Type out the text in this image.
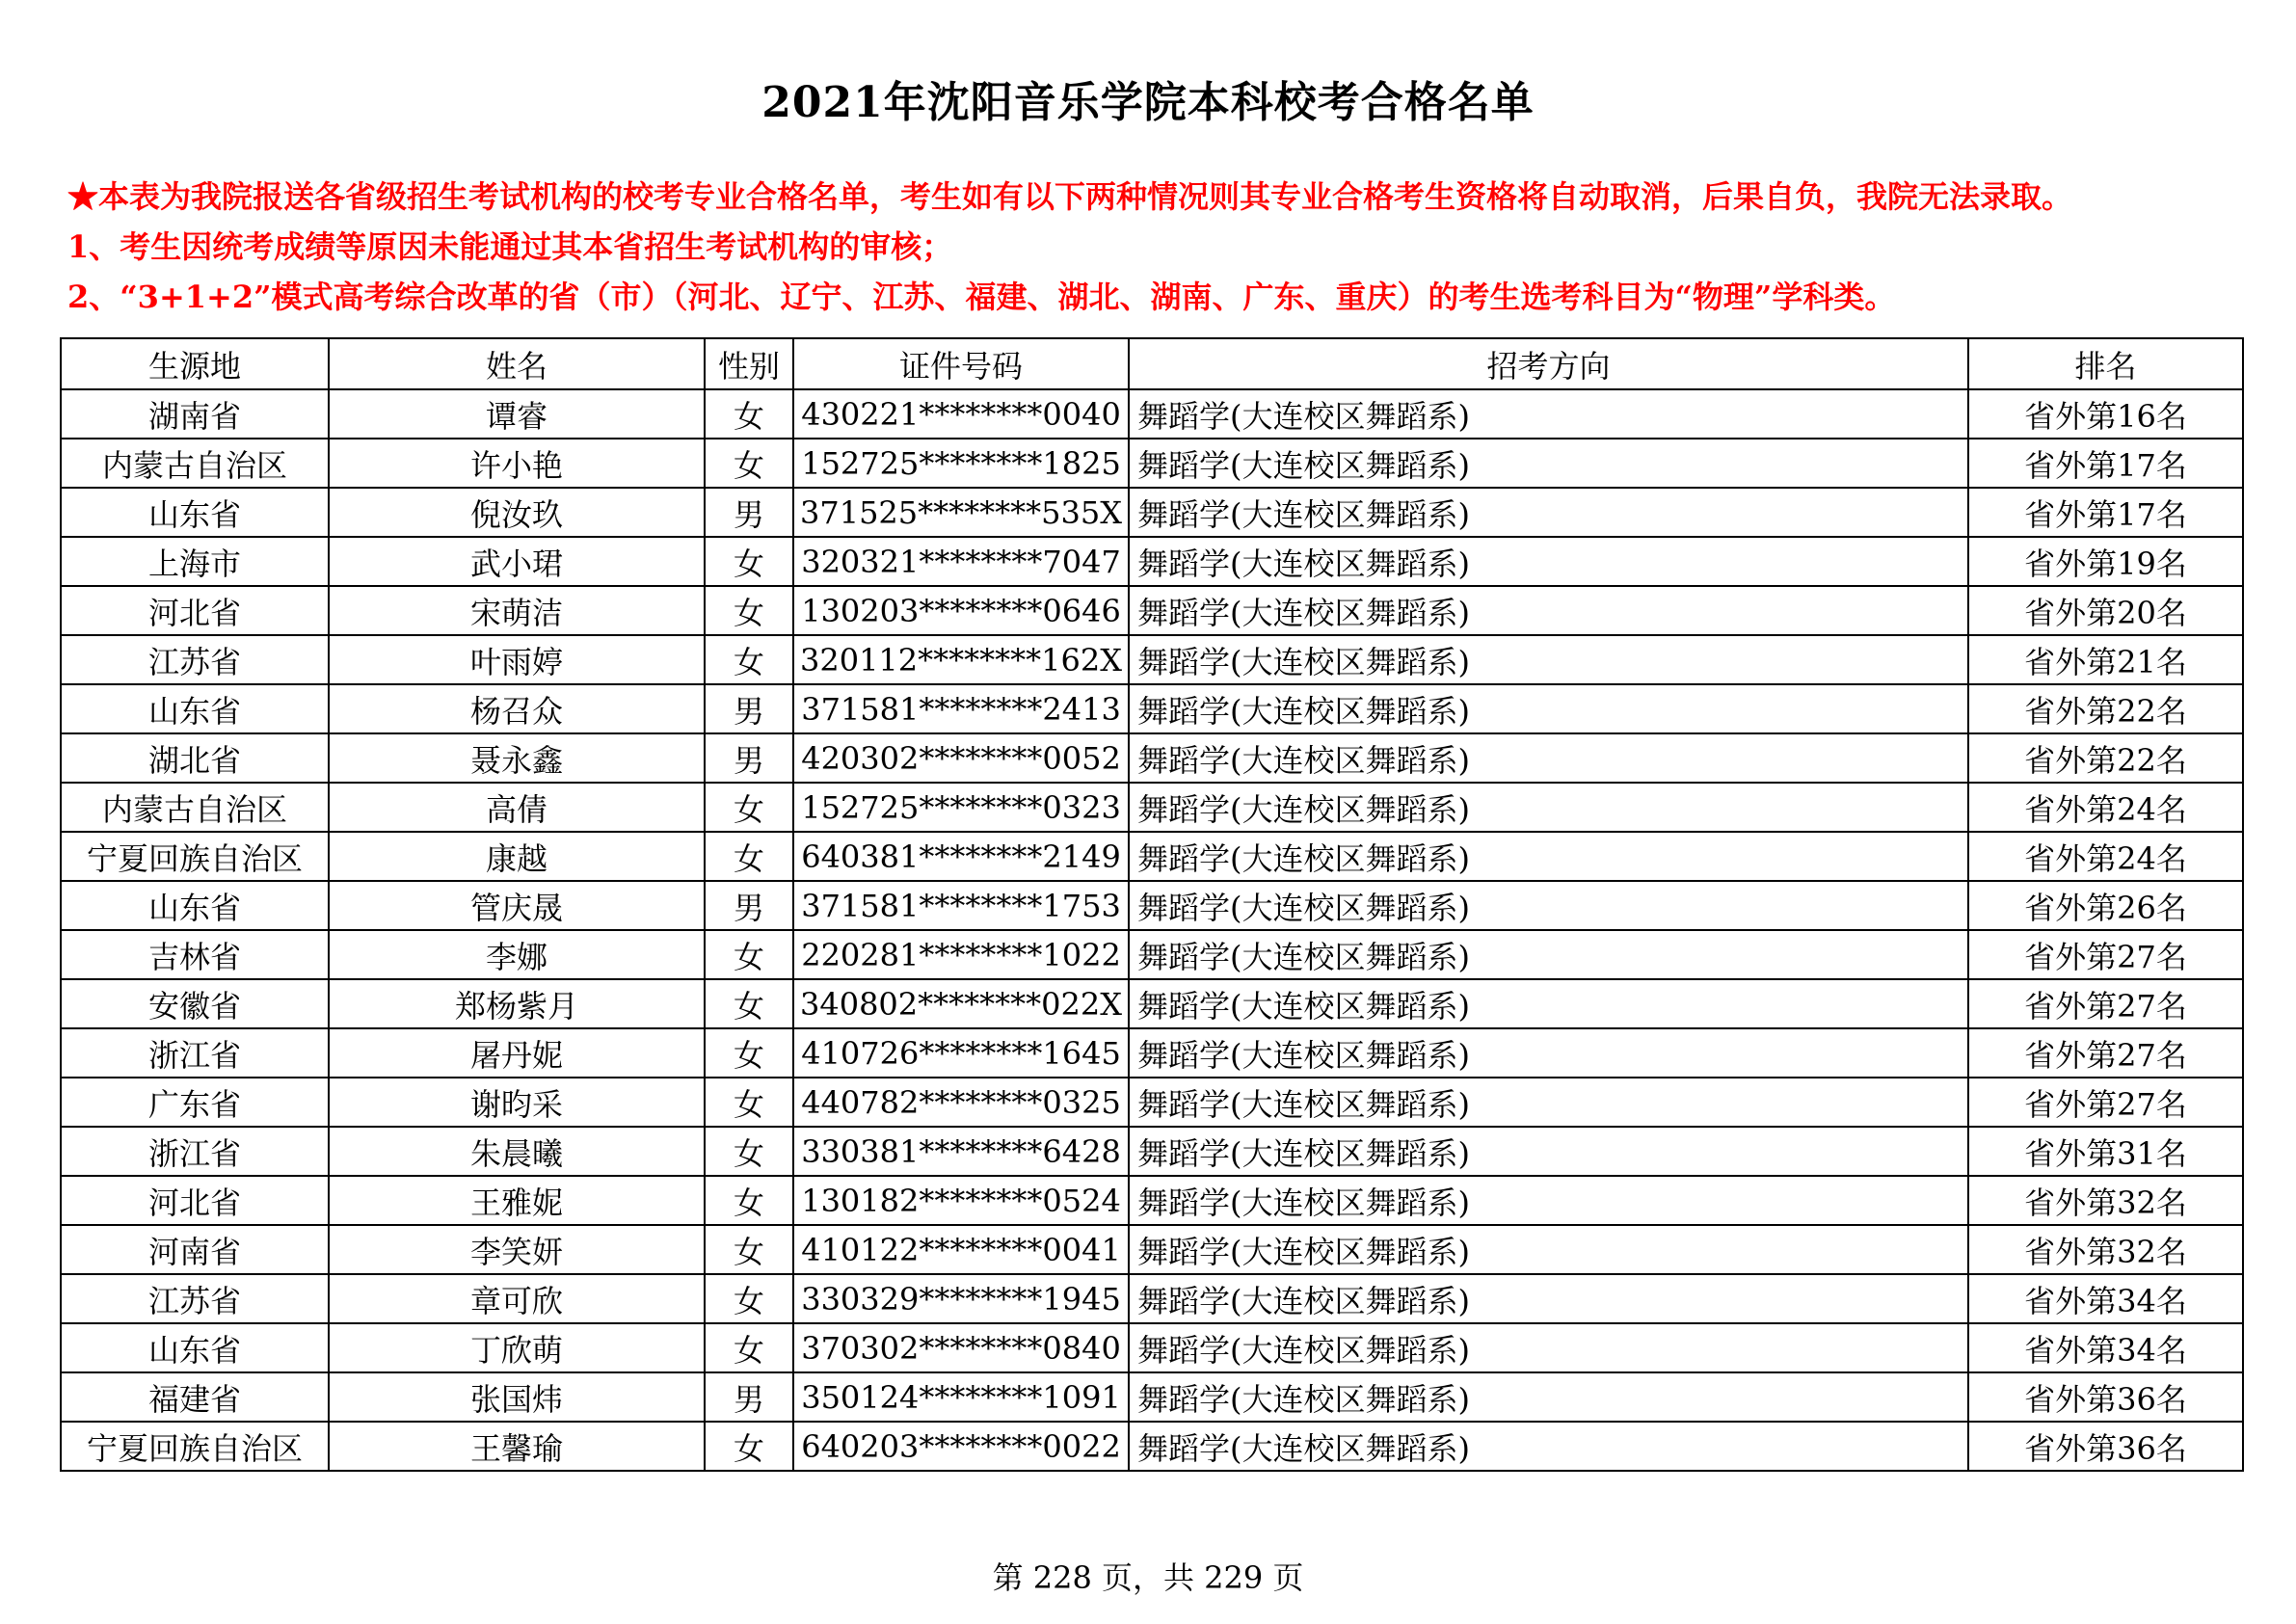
2021年沈阳音乐学院本科校考合格名单
★本表为我院报送各省级招生考试机构的校考专业合格名单，考生如有以下两种情况则其专业合格考生资格将自动取消，后果自负，我院无法录取。
1、考生因统考成绩等原因未能通过其本省招生考试机构的审核；
2、“3+1+2”模式高考综合改革的省（市）（河北、辽宁、江苏、福建、湖北、湖南、广东、重庆）的考生选考科目为“物理”学科类。
生源地	姓名	性别	证件号码	招考方向	排名
湖南省	谭睿	女	430221********0040	舞蹈学(大连校区舞蹈系)	省外第16名
内蒙古自治区	许小艳	女	152725********1825	舞蹈学(大连校区舞蹈系)	省外第17名
山东省	倪汝玖	男	371525********535X	舞蹈学(大连校区舞蹈系)	省外第17名
上海市	武小珺	女	320321********7047	舞蹈学(大连校区舞蹈系)	省外第19名
河北省	宋萌洁	女	130203********0646	舞蹈学(大连校区舞蹈系)	省外第20名
江苏省	叶雨婷	女	320112********162X	舞蹈学(大连校区舞蹈系)	省外第21名
山东省	杨召众	男	371581********2413	舞蹈学(大连校区舞蹈系)	省外第22名
湖北省	聂永鑫	男	420302********0052	舞蹈学(大连校区舞蹈系)	省外第22名
内蒙古自治区	高倩	女	152725********0323	舞蹈学(大连校区舞蹈系)	省外第24名
宁夏回族自治区	康越	女	640381********2149	舞蹈学(大连校区舞蹈系)	省外第24名
山东省	管庆晟	男	371581********1753	舞蹈学(大连校区舞蹈系)	省外第26名
吉林省	李娜	女	220281********1022	舞蹈学(大连校区舞蹈系)	省外第27名
安徽省	郑杨紫月	女	340802********022X	舞蹈学(大连校区舞蹈系)	省外第27名
浙江省	屠丹妮	女	410726********1645	舞蹈学(大连校区舞蹈系)	省外第27名
广东省	谢昀采	女	440782********0325	舞蹈学(大连校区舞蹈系)	省外第27名
浙江省	朱晨曦	女	330381********6428	舞蹈学(大连校区舞蹈系)	省外第31名
河北省	王雅妮	女	130182********0524	舞蹈学(大连校区舞蹈系)	省外第32名
河南省	李笑妍	女	410122********0041	舞蹈学(大连校区舞蹈系)	省外第32名
江苏省	章可欣	女	330329********1945	舞蹈学(大连校区舞蹈系)	省外第34名
山东省	丁欣萌	女	370302********0840	舞蹈学(大连校区舞蹈系)	省外第34名
福建省	张国炜	男	350124********1091	舞蹈学(大连校区舞蹈系)	省外第36名
宁夏回族自治区	王馨瑜	女	640203********0022	舞蹈学(大连校区舞蹈系)	省外第36名
第 228 页，共 229 页
